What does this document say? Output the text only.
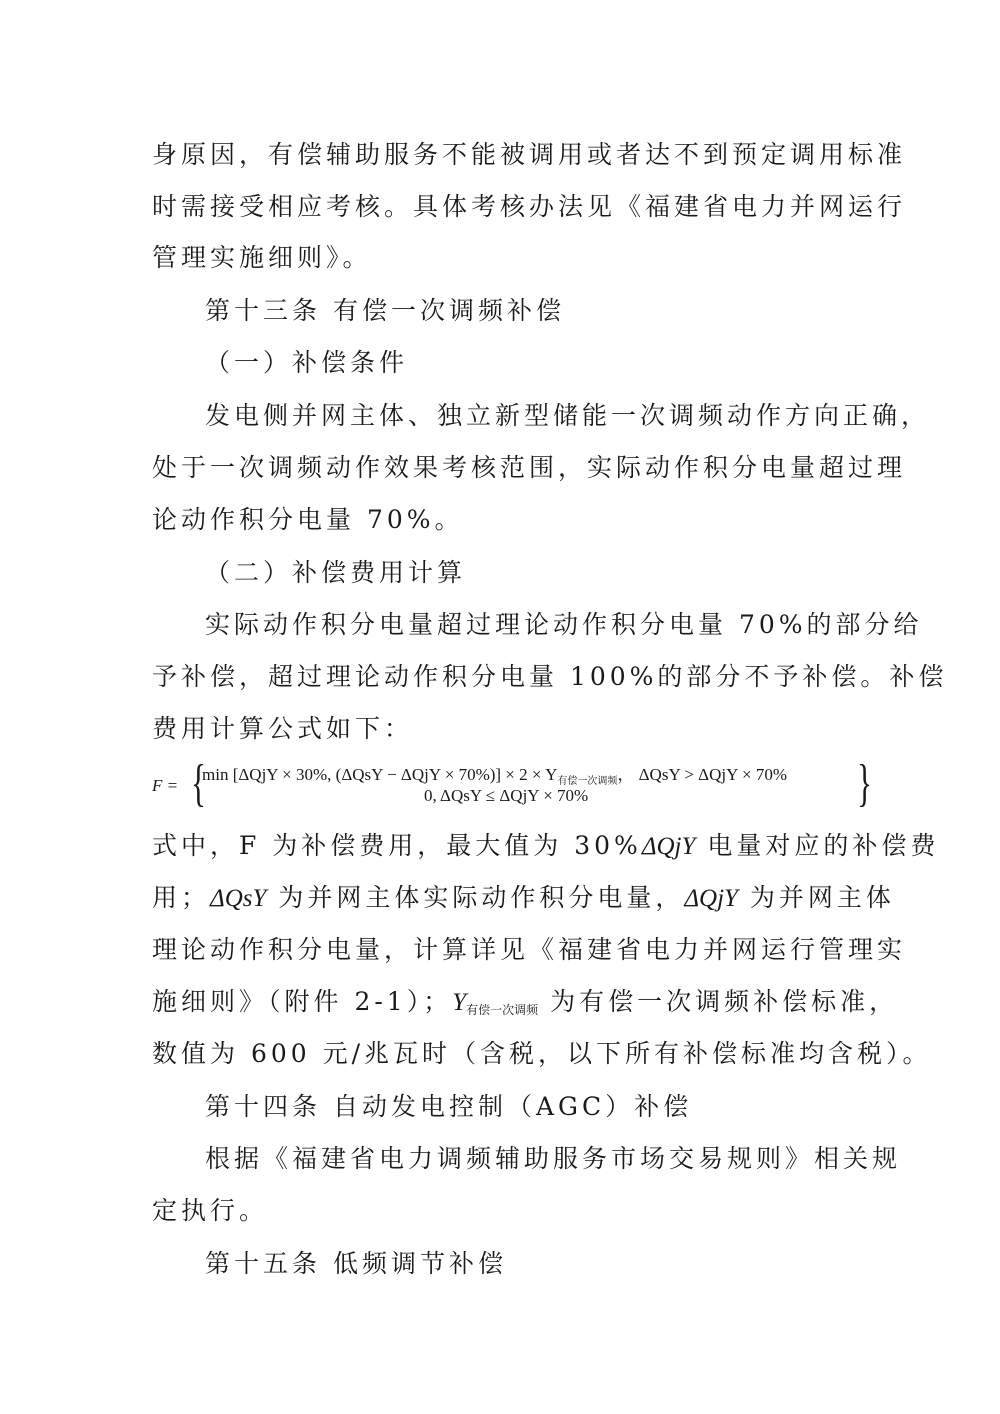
身原因，有偿辅助服务不能被调用或者达不到预定调用标准
时需接受相应考核。具体考核办法见《福建省电力并网运行
管理实施细则》。
第十三条 有偿一次调频补偿
（一）补偿条件
发电侧并网主体、独立新型储能一次调频动作方向正确，
处于一次调频动作效果考核范围，实际动作积分电量超过理
论动作积分电量 70%。
（二）补偿费用计算
实际动作积分电量超过理论动作积分电量 70%的部分给
予补偿，超过理论动作积分电量 100%的部分不予补偿。补偿
费用计算公式如下：
F = {
min [ΔQjY × 30%, $(\Delta QsY - \Delta QjY \times 70\%)] \times 2 \times Y_{有偿一次调频}$， ΔQsY > ΔQjY × 70%
0, ΔQsY ≤ ΔQjY × 70%	}
式中，F 为补偿费用，最大值为 30%ΔQjY 电量对应的补偿费
用；ΔQsY 为并网主体实际动作积分电量，ΔQjY 为并网主体
理论动作积分电量，计算详见《福建省电力并网运行管理实
施细则》（附件 2-1）；$Y_{有偿一次调频}$ 为有偿一次调频补偿标准，
数值为 600 元/兆瓦时（含税，以下所有补偿标准均含税）。
第十四条 自动发电控制（AGC）补偿
根据《福建省电力调频辅助服务市场交易规则》相关规
定执行。
第十五条 低频调节补偿
